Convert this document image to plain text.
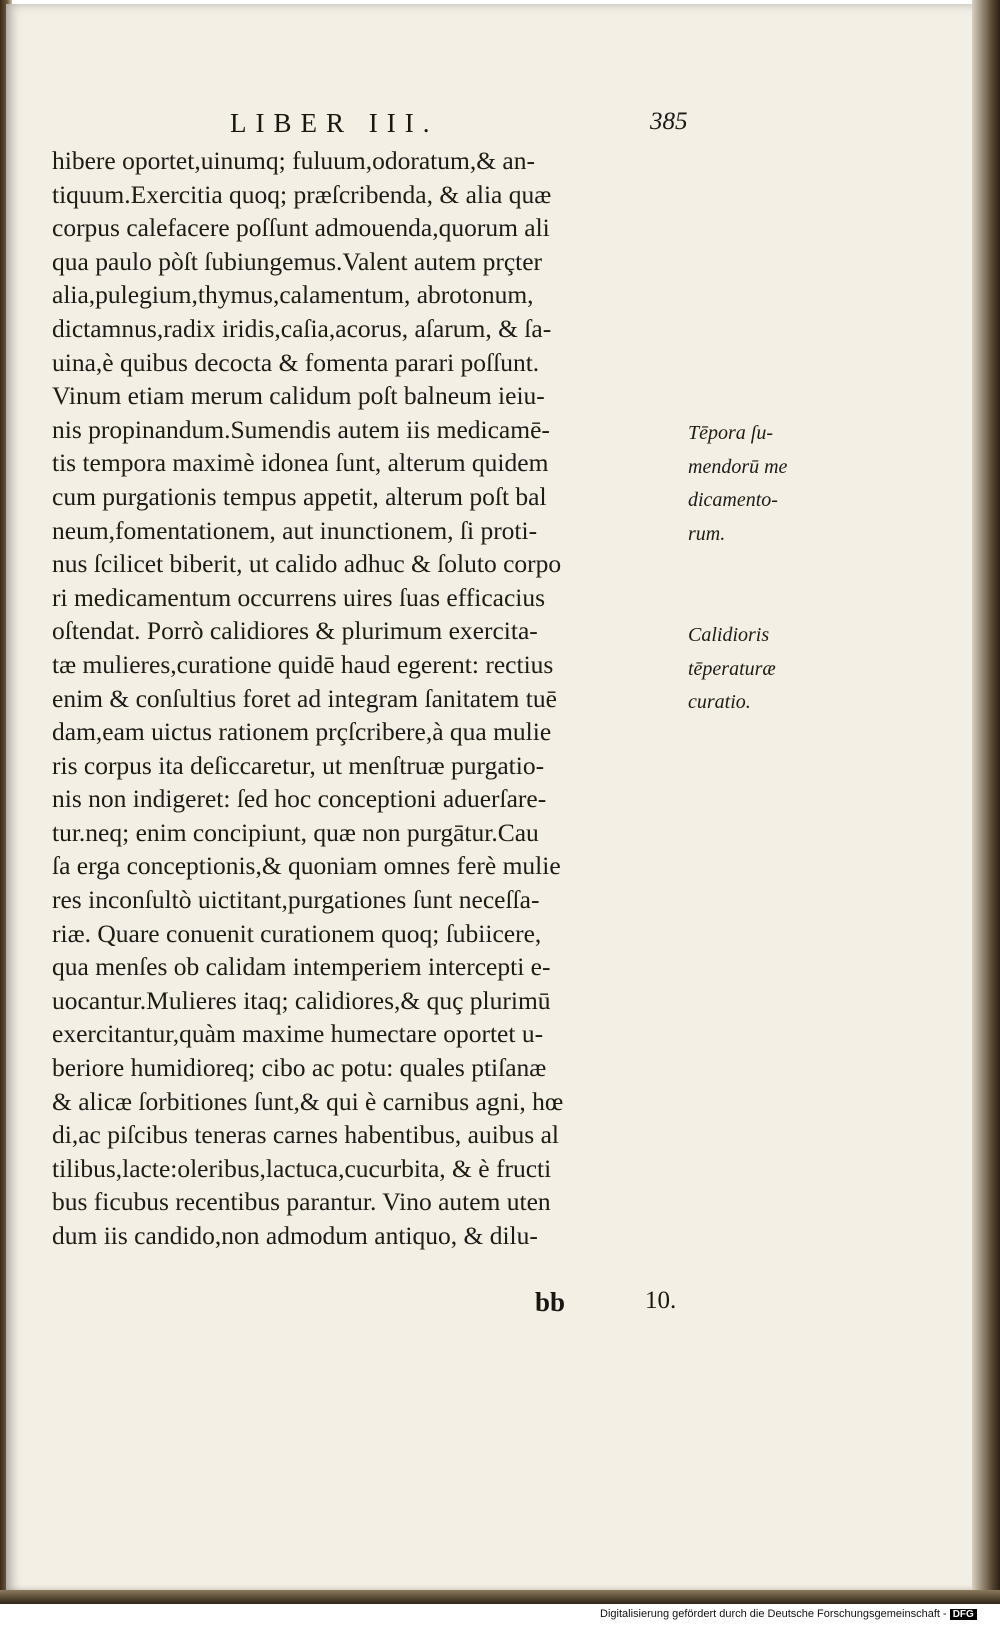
LIBER III.	385
hibere oportet,uinumq; fuluum,odoratum,& an-
tiquum.Exercitia quoq; præſcribenda, & alia quæ
corpus calefacere poſſunt admouenda,quorum ali
qua paulo pòſt ſubiungemus.Valent autem prçter
alia,pulegium,thymus,calamentum, abrotonum,
dictamnus,radix iridis,caſia,acorus, aſarum, & ſa-
uina,è quibus decocta & fomenta parari poſſunt.
Vinum etiam merum calidum poſt balneum ieiu-
nis propinandum.Sumendis autem iis medicamē-
tis tempora maximè idonea ſunt, alterum quidem
cum purgationis tempus appetit, alterum poſt bal
neum,fomentationem, aut inunctionem, ſi proti-
nus ſcilicet biberit, ut calido adhuc & ſoluto corpo
ri medicamentum occurrens uires ſuas efficacius
oſtendat. Porrò calidiores & plurimum exercita-
tæ mulieres,curatione quidē haud egerent: rectius
enim & conſultius foret ad integram ſanitatem tuē
dam,eam uictus rationem prçſcribere,à qua mulie
ris corpus ita deſiccaretur, ut menſtruæ purgatio-
nis non indigeret: ſed hoc conceptioni aduerſare-
tur.neq; enim concipiunt, quæ non purgātur.Cau
ſa erga conceptionis,& quoniam omnes ferè mulie
res inconſultò uictitant,purgationes ſunt neceſſa-
riæ. Quare conuenit curationem quoq; ſubiicere,
qua menſes ob calidam intemperiem intercepti e-
uocantur.Mulieres itaq; calidiores,& quç plurimū
exercitantur,quàm maxime humectare oportet u-
beriore humidioreq; cibo ac potu: quales ptiſanæ
& alicæ ſorbitiones ſunt,& qui è carnibus agni, hœ
di,ac piſcibus teneras carnes habentibus, auibus al
tilibus,lacte:oleribus,lactuca,cucurbita, & è fructi
bus ficubus recentibus parantur. Vino autem uten
dum iis candido,non admodum antiquo, & dilu-
Tēpora ſu-
mendorū me
dicamento-
rum.
Calidioris
tēperaturæ
curatio.
bb	10.
Digitalisierung gefördert durch die Deutsche Forschungsgemeinschaft - DFG
